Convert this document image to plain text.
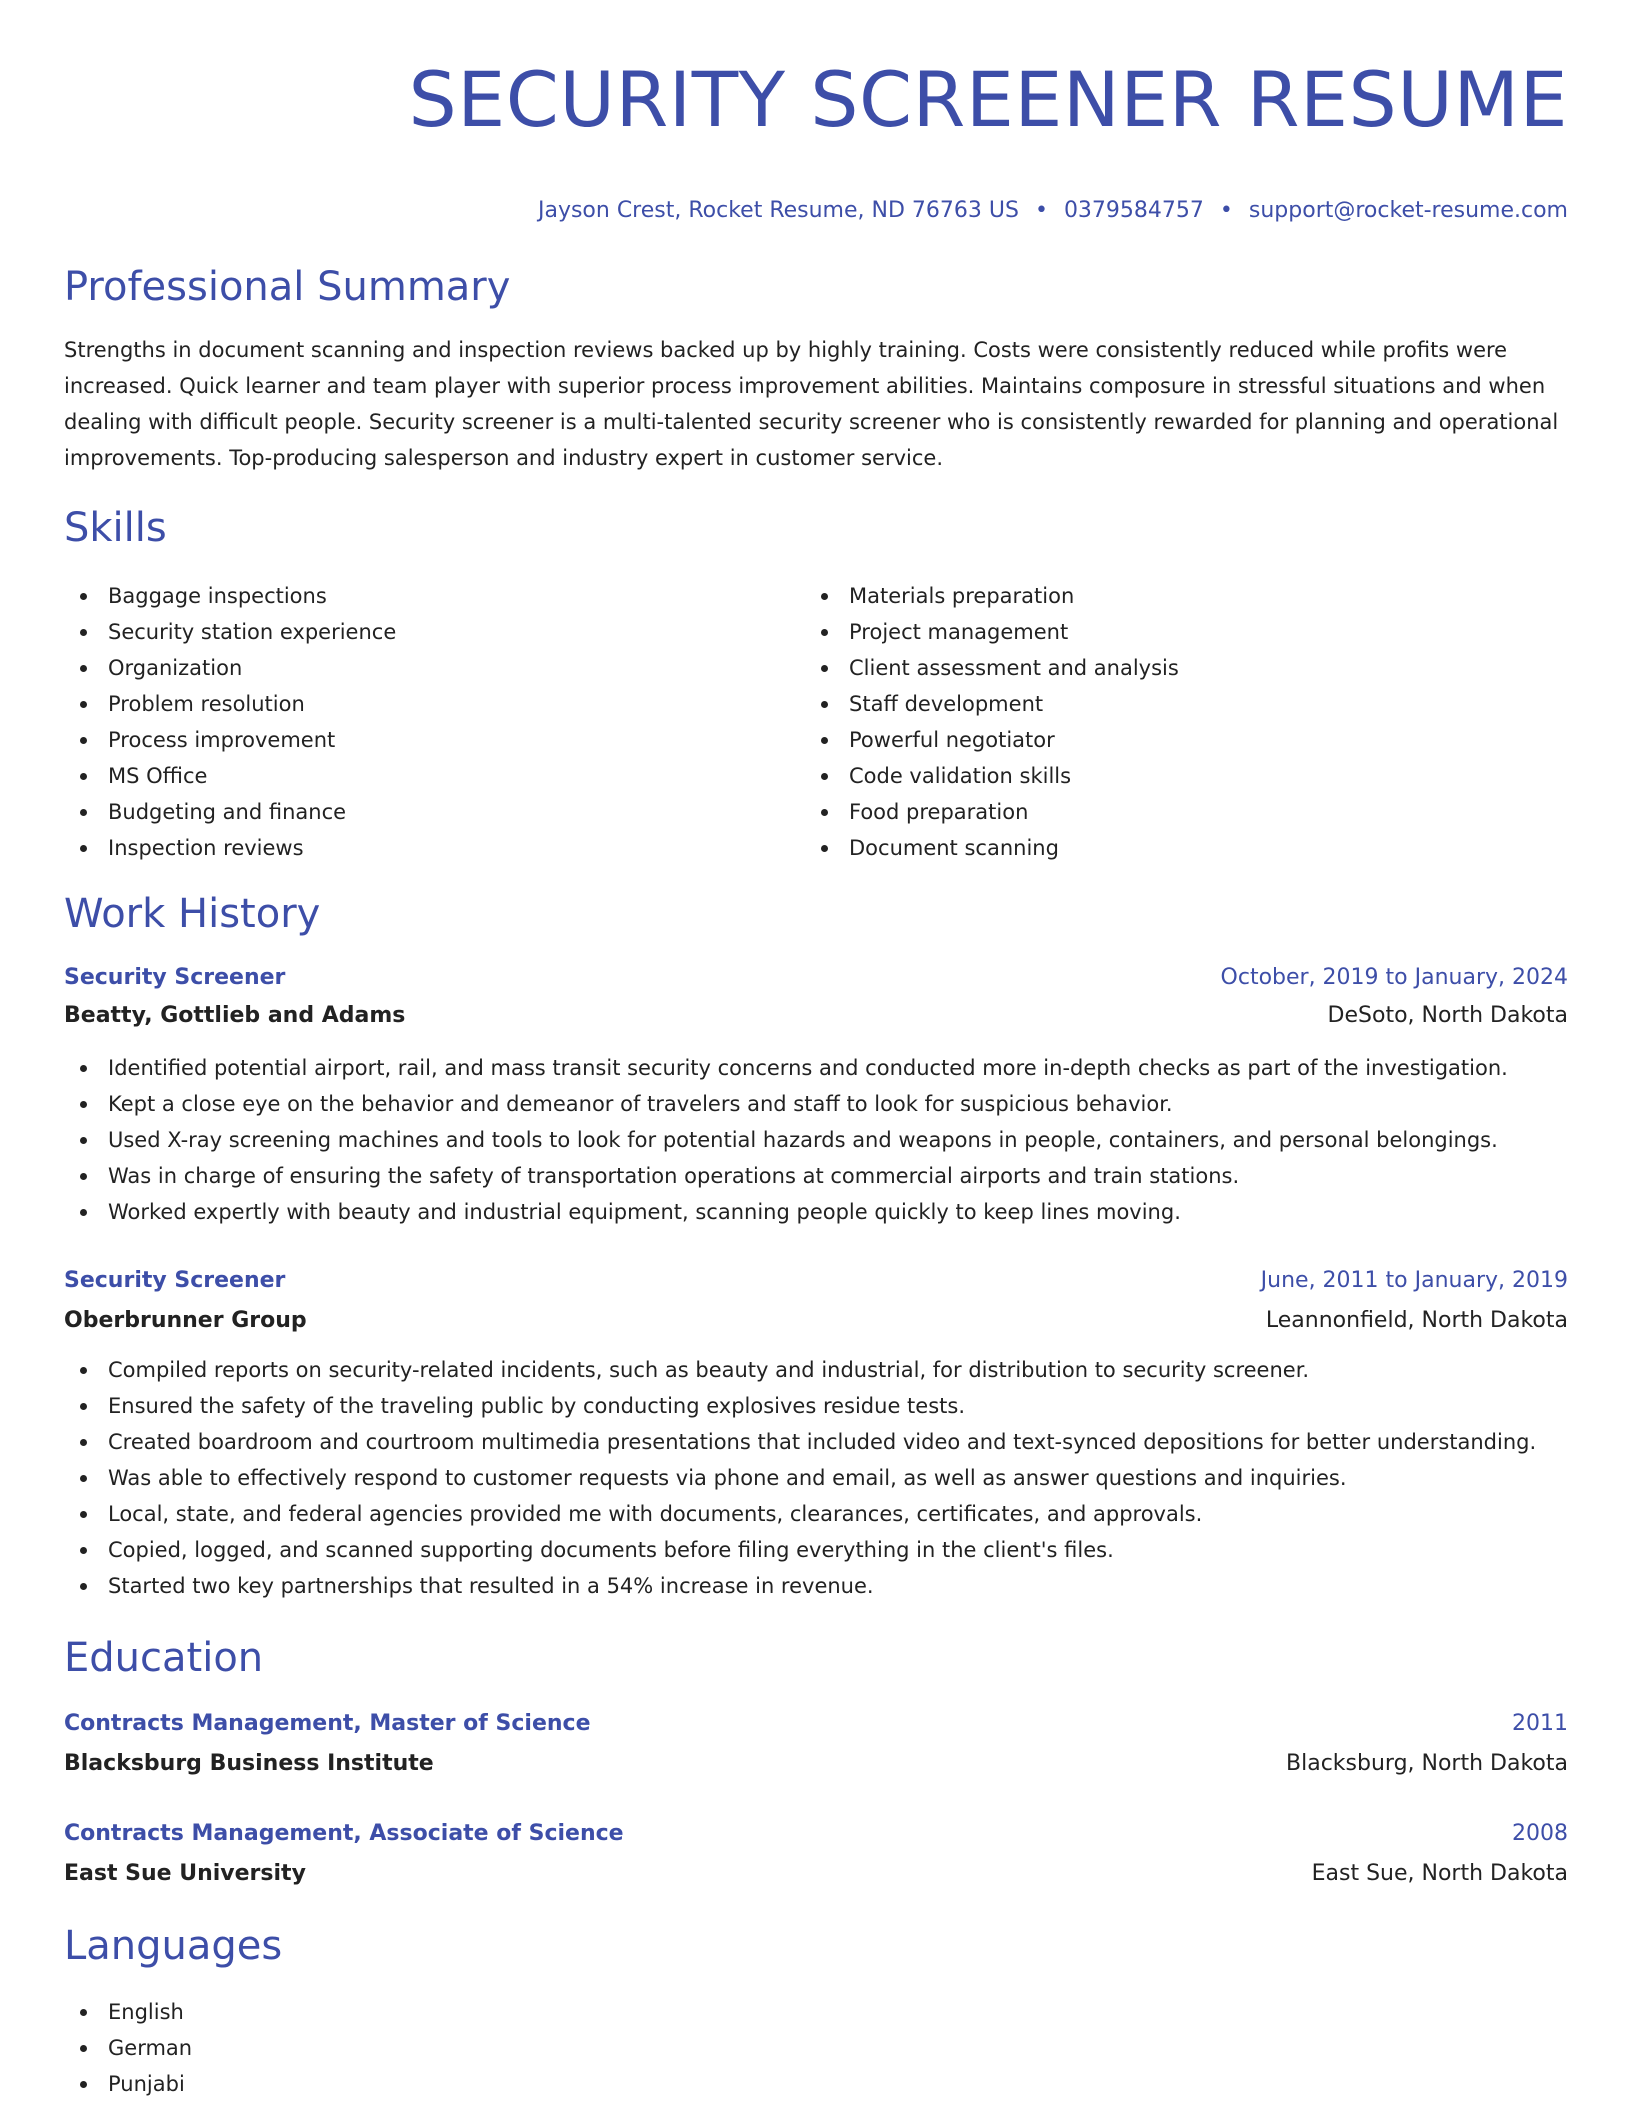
SECURITY SCREENER RESUME
Jayson Crest, Rocket Resume, ND 76763 US • 0379584757 • support@rocket-resume.com
Professional Summary

Strengths in document scanning and inspection reviews backed up by highly training. Costs were consistently reduced while profits were increased. Quick learner and team player with superior process improvement abilities. Maintains composure in stressful situations and when dealing with difficult people. Security screener is a multi-talented security screener who is consistently rewarded for planning and operational improvements. Top-producing salesperson and industry expert in customer service.

Skills
Baggage inspections
Security station experience
Organization
Problem resolution
Process improvement
MS Office
Budgeting and finance
Inspection reviews
Materials preparation
Project management
Client assessment and analysis
Staff development
Powerful negotiator
Code validation skills
Food preparation
Document scanning
Work History
Security Screener	October, 2019 to January, 2024
Beatty, Gottlieb and Adams	DeSoto, North Dakota
Identified potential airport, rail, and mass transit security concerns and conducted more in-depth checks as part of the investigation.
Kept a close eye on the behavior and demeanor of travelers and staff to look for suspicious behavior.
Used X-ray screening machines and tools to look for potential hazards and weapons in people, containers, and personal belongings.
Was in charge of ensuring the safety of transportation operations at commercial airports and train stations.
Worked expertly with beauty and industrial equipment, scanning people quickly to keep lines moving.
Security Screener	June, 2011 to January, 2019
Oberbrunner Group	Leannonfield, North Dakota
Compiled reports on security-related incidents, such as beauty and industrial, for distribution to security screener.
Ensured the safety of the traveling public by conducting explosives residue tests.
Created boardroom and courtroom multimedia presentations that included video and text-synced depositions for better understanding.
Was able to effectively respond to customer requests via phone and email, as well as answer questions and inquiries.
Local, state, and federal agencies provided me with documents, clearances, certificates, and approvals.
Copied, logged, and scanned supporting documents before filing everything in the client's files.
Started two key partnerships that resulted in a 54% increase in revenue.
Education
Contracts Management, Master of Science	2011
Blacksburg Business Institute	Blacksburg, North Dakota
Contracts Management, Associate of Science	2008
East Sue University	East Sue, North Dakota
Languages
English
German
Punjabi
